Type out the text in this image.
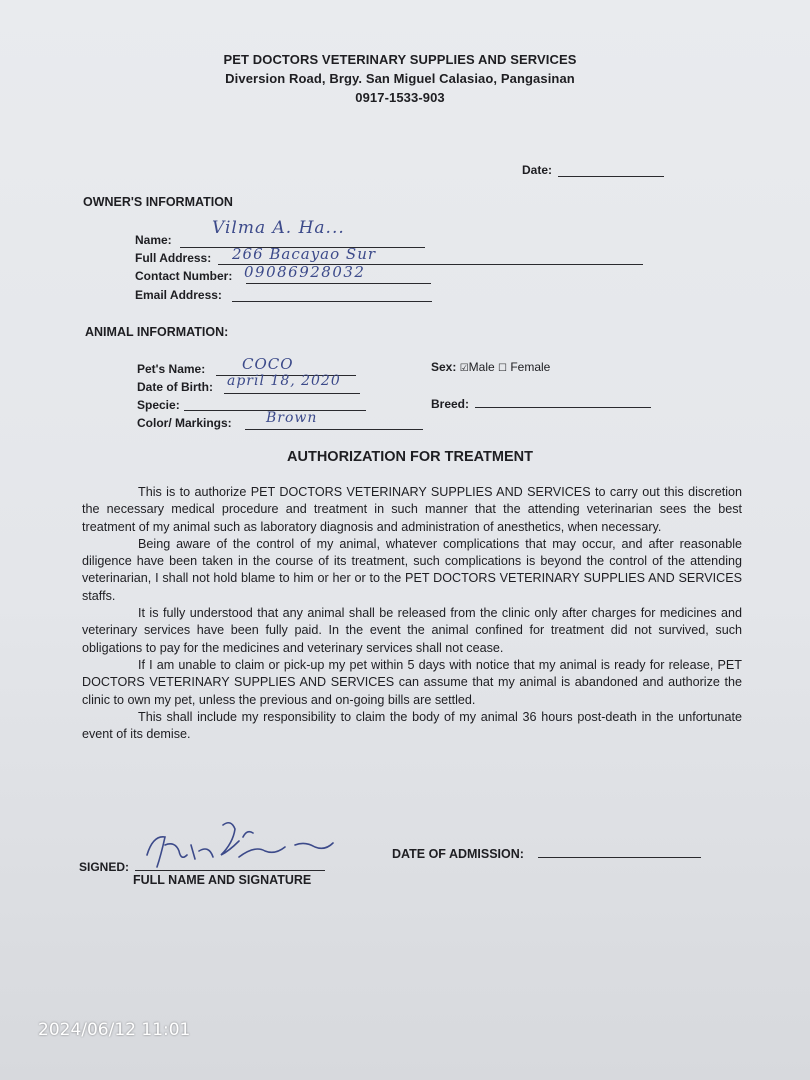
PET DOCTORS VETERINARY SUPPLIES AND SERVICES
Diversion Road, Brgy. San Miguel Calasiao, Pangasinan
0917-1533-903
Date:
OWNER'S INFORMATION
Name:
Vilma A. Ha...
Full Address: 266 Bacayao Sur
Contact Number: 09086928032
Email Address:
ANIMAL INFORMATION:
Pet's Name: COCO
Date of Birth: april 18, 2020
Specie:
Color/ Markings: Brown
Sex: ☑Male ☐ Female
Breed:
AUTHORIZATION FOR TREATMENT

This is to authorize PET DOCTORS VETERINARY SUPPLIES AND SERVICES to carry out this discretion the necessary medical procedure and treatment in such manner that the attending veterinarian sees the best treatment of my animal such as laboratory diagnosis and administration of anesthetics, when necessary.

Being aware of the control of my animal, whatever complications that may occur, and after reasonable diligence have been taken in the course of its treatment, such complications is beyond the control of the attending veterinarian, I shall not hold blame to him or her or to the PET DOCTORS VETERINARY SUPPLIES AND SERVICES staffs.

It is fully understood that any animal shall be released from the clinic only after charges for medicines and veterinary services have been fully paid. In the event the animal confined for treatment did not survived, such obligations to pay for the medicines and veterinary services shall not cease.

If I am unable to claim or pick-up my pet within 5 days with notice that my animal is ready for release, PET DOCTORS VETERINARY SUPPLIES AND SERVICES can assume that my animal is abandoned and authorize the clinic to own my pet, unless the previous and on-going bills are settled.

This shall include my responsibility to claim the body of my animal 36 hours post-death in the unfortunate event of its demise.

SIGNED:
FULL NAME AND SIGNATURE
DATE OF ADMISSION:
2024/06/12 11:01
